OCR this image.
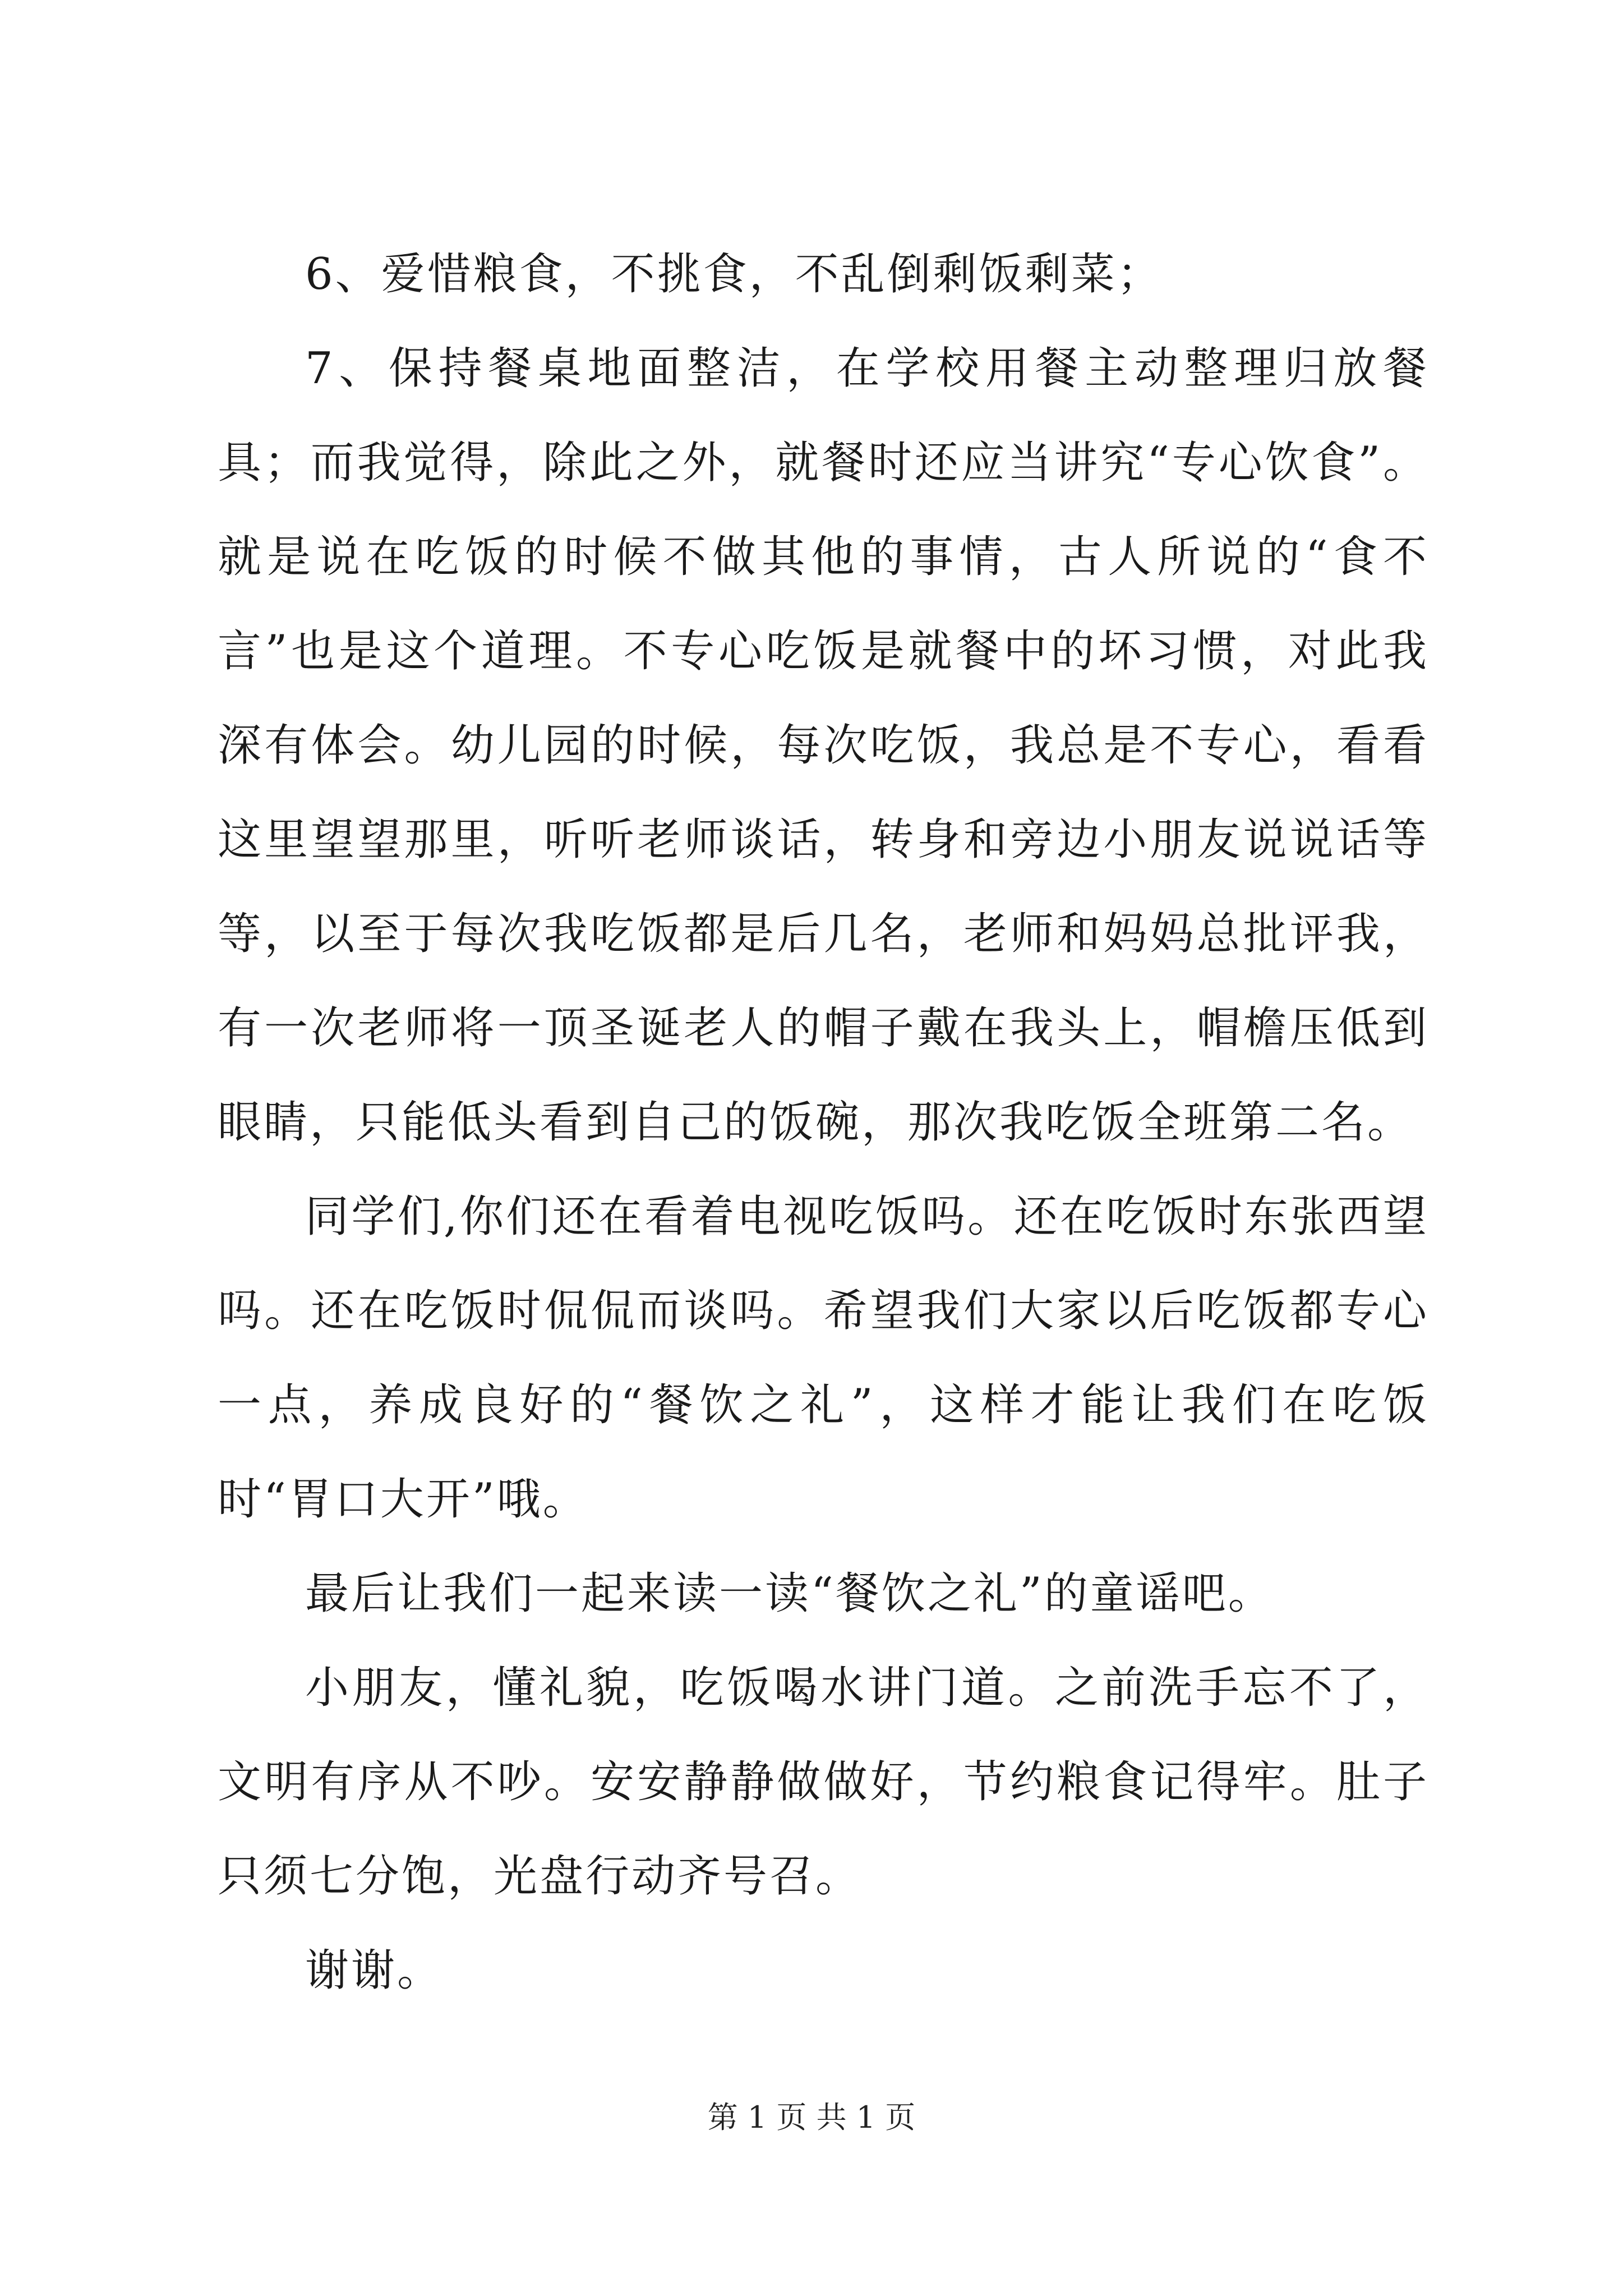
6、爱惜粮食，不挑食，不乱倒剩饭剩菜；

7、保持餐桌地面整洁，在学校用餐主动整理归放餐具；而我觉得，除此之外，就餐时还应当讲究“专心饮食”。就是说在吃饭的时候不做其他的事情，古人所说的“食不言”也是这个道理。不专心吃饭是就餐中的坏习惯，对此我深有体会。幼儿园的时候，每次吃饭，我总是不专心，看看这里望望那里，听听老师谈话，转身和旁边小朋友说说话等等，以至于每次我吃饭都是后几名，老师和妈妈总批评我，有一次老师将一顶圣诞老人的帽子戴在我头上，帽檐压低到眼睛，只能低头看到自己的饭碗，那次我吃饭全班第二名。

同学们,你们还在看着电视吃饭吗。还在吃饭时东张西望吗。还在吃饭时侃侃而谈吗。希望我们大家以后吃饭都专心一点，养成良好的“餐饮之礼”，这样才能让我们在吃饭时“胃口大开”哦。

最后让我们一起来读一读“餐饮之礼”的童谣吧。

小朋友，懂礼貌，吃饭喝水讲门道。之前洗手忘不了，文明有序从不吵。安安静静做做好，节约粮食记得牢。肚子只须七分饱，光盘行动齐号召。

谢谢。

第 1 页 共 1 页
